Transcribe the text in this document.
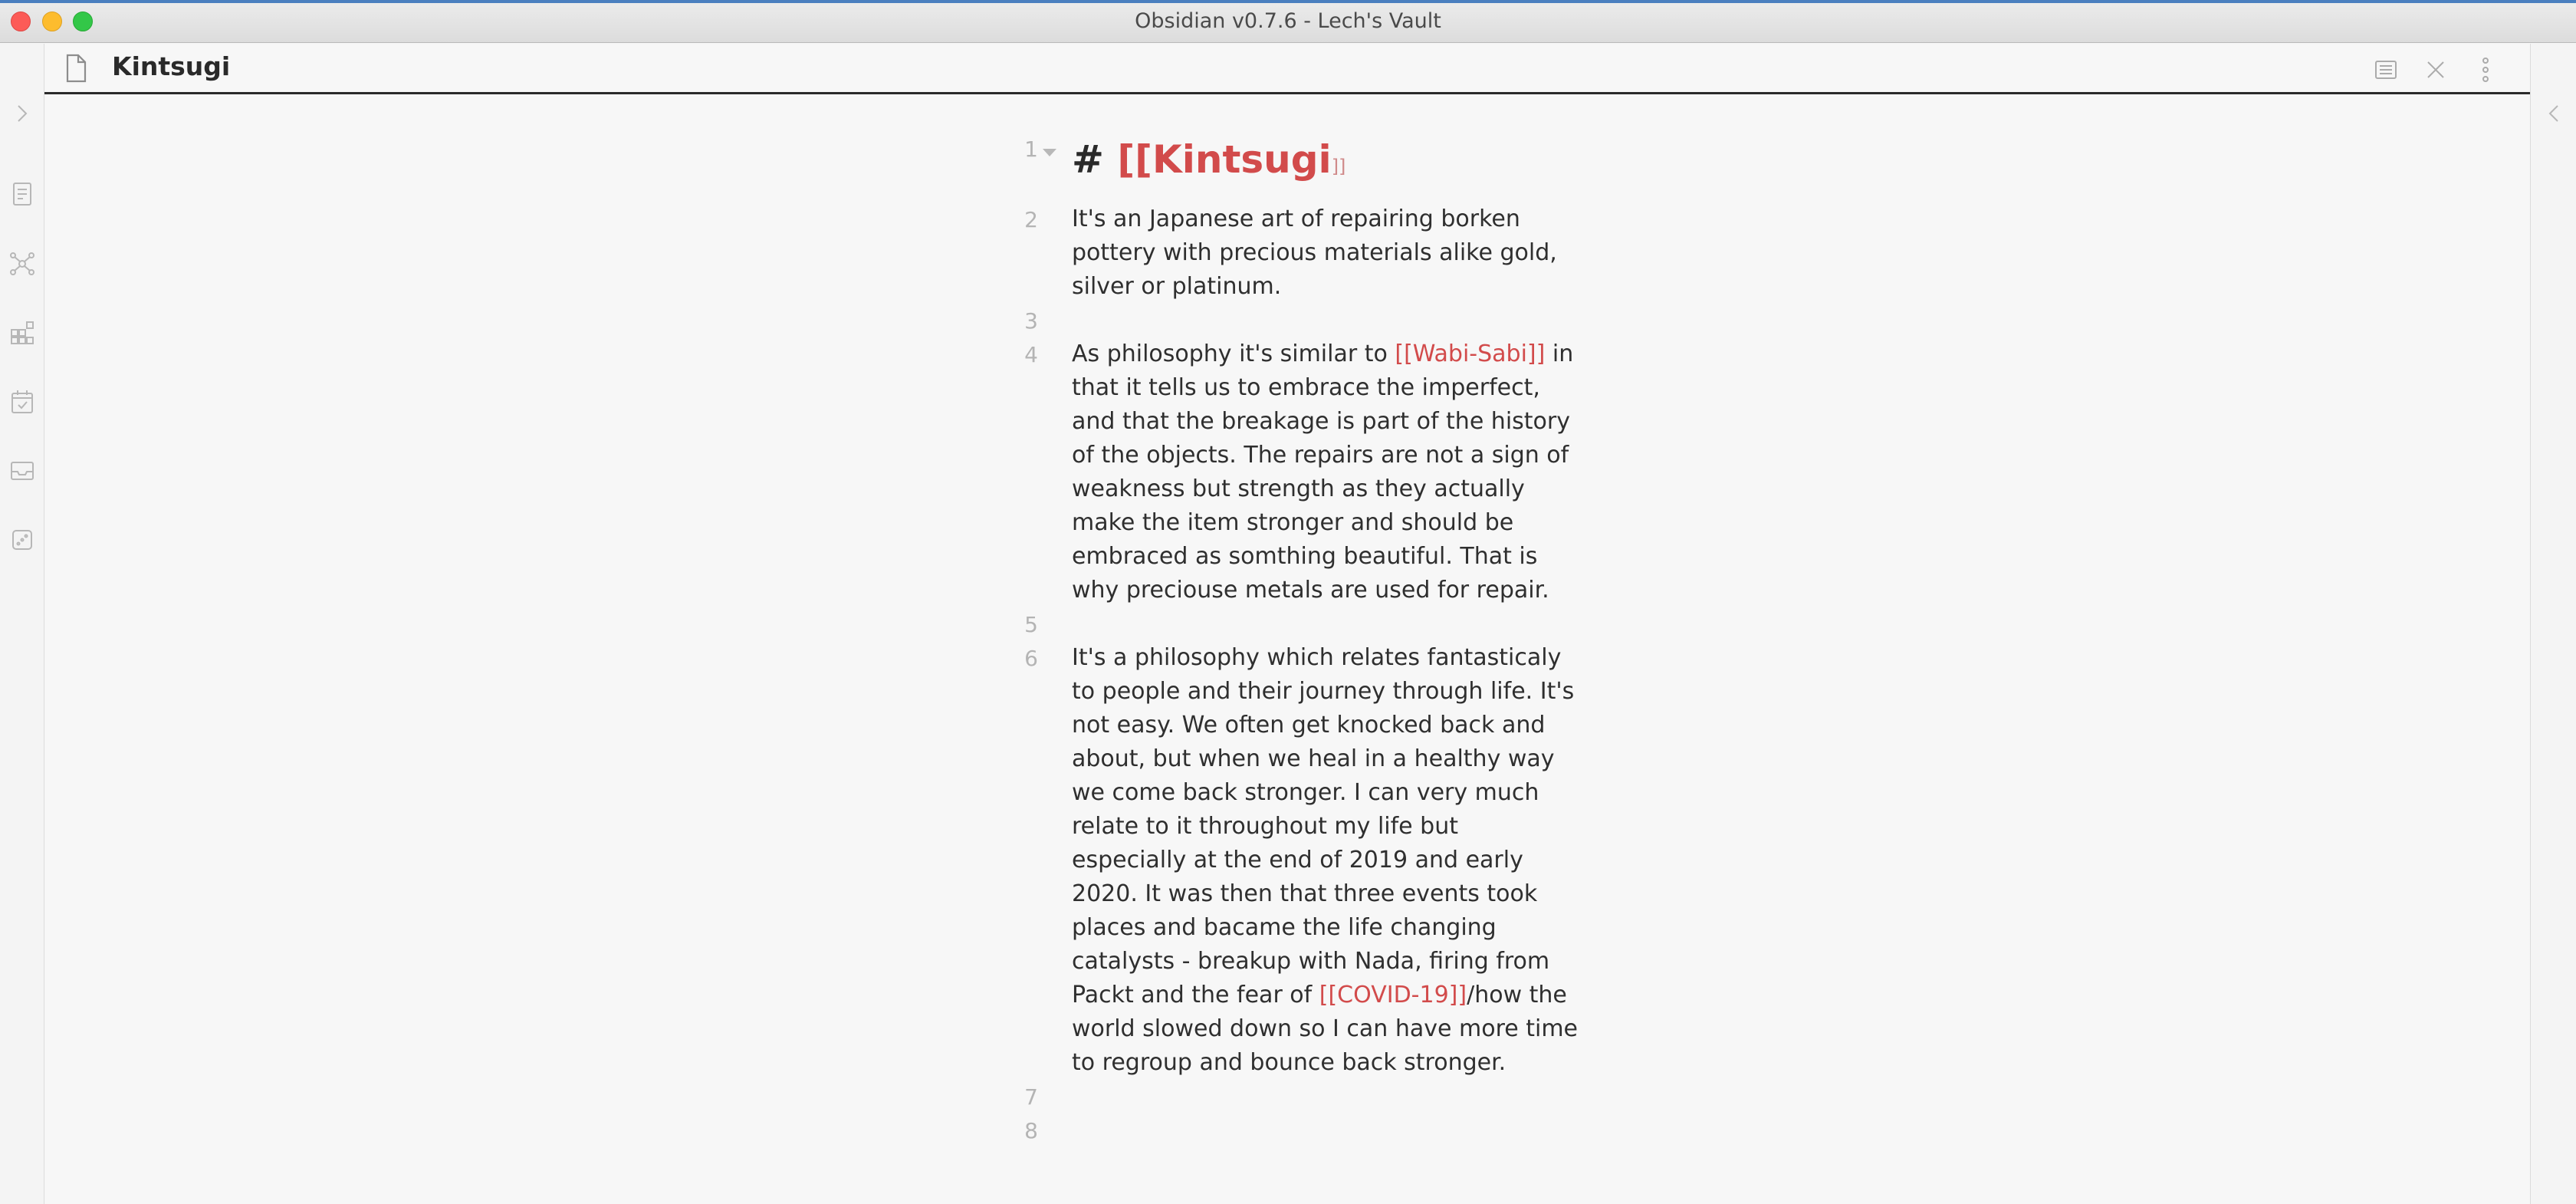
Obsidian v0.7.6 - Lech's Vault
Kintsugi
1 # [[Kintsugi]]
2 It's an Japanese art of repairing borken pottery with precious materials alike gold, silver or platinum.
3
4 As philosophy it's similar to [[Wabi-Sabi]] in that it tells us to embrace the imperfect, and that the breakage is part of the history of the objects. The repairs are not a sign of weakness but strength as they actually make the item stronger and should be embraced as somthing beautiful. That is why preciouse metals are used for repair.
5
6 It's a philosophy which relates fantasticaly to people and their journey through life. It's not easy. We often get knocked back and about, but when we heal in a healthy way we come back stronger. I can very much relate to it throughout my life but especially at the end of 2019 and early 2020. It was then that three events took places and bacame the life changing catalysts - breakup with Nada, firing from Packt and the fear of [[COVID-19]]/how the world slowed down so I can have more time to regroup and bounce back stronger.
7
8
